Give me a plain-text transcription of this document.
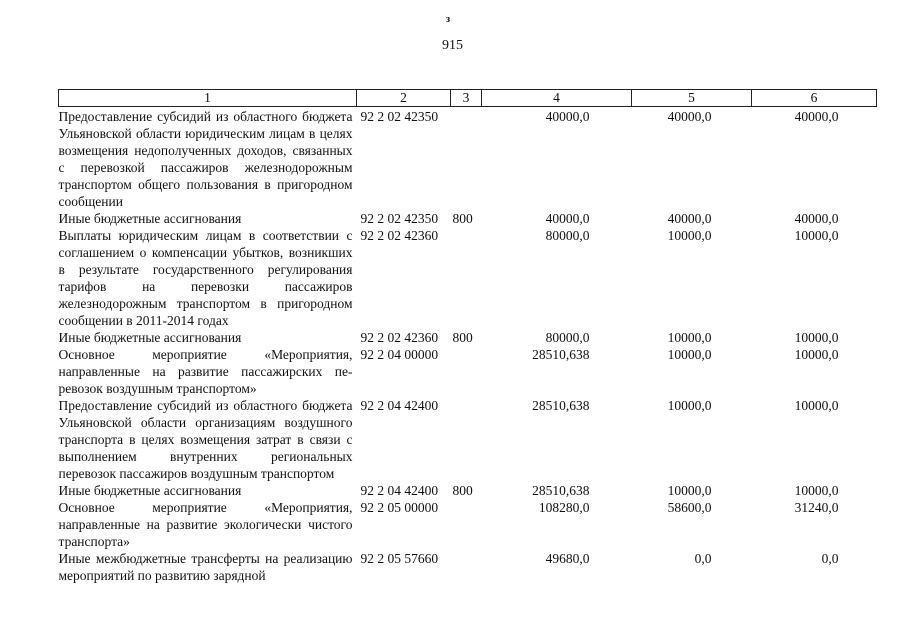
з
915
1	2	3	4	5	6
Предоставление субсидий из областного бюджета Ульяновской области юридическим лицам в целях возмещения недополученных доходов, связанных с перевозкой пассажиров железнодорожным транспортом общего пользования в пригородном сообщении	92 2 02 42350		40000,0	40000,0	40000,0
Иные бюджетные ассигнования	92 2 02 42350	800	40000,0	40000,0	40000,0
Выплаты юридическим лицам в соответствии с соглашением о компенсации убытков, возникших в результате государственного регулирования тарифов на перевозки пассажиров железнодорожным транспортом в пригородном сообщении в 2011-2014 годах	92 2 02 42360		80000,0	10000,0	10000,0
Иные бюджетные ассигнования	92 2 02 42360	800	80000,0	10000,0	10000,0
Основное мероприятие «Мероприятия, направленные на развитие пассажирских перевозок воздушным транспортом»	92 2 04 00000		28510,638	10000,0	10000,0
Предоставление субсидий из областного бюджета Ульяновской области организациям воздушного транспорта в целях возмещения затрат в связи с выполнением внутренних региональных перевозок пассажиров воздушным транспортом	92 2 04 42400		28510,638	10000,0	10000,0
Иные бюджетные ассигнования	92 2 04 42400	800	28510,638	10000,0	10000,0
Основное мероприятие «Мероприятия, направленные на развитие экологически чистого транспорта»	92 2 05 00000		108280,0	58600,0	31240,0
Иные межбюджетные трансферты на реализацию мероприятий по развитию зарядной	92 2 05 57660		49680,0	0,0	0,0
